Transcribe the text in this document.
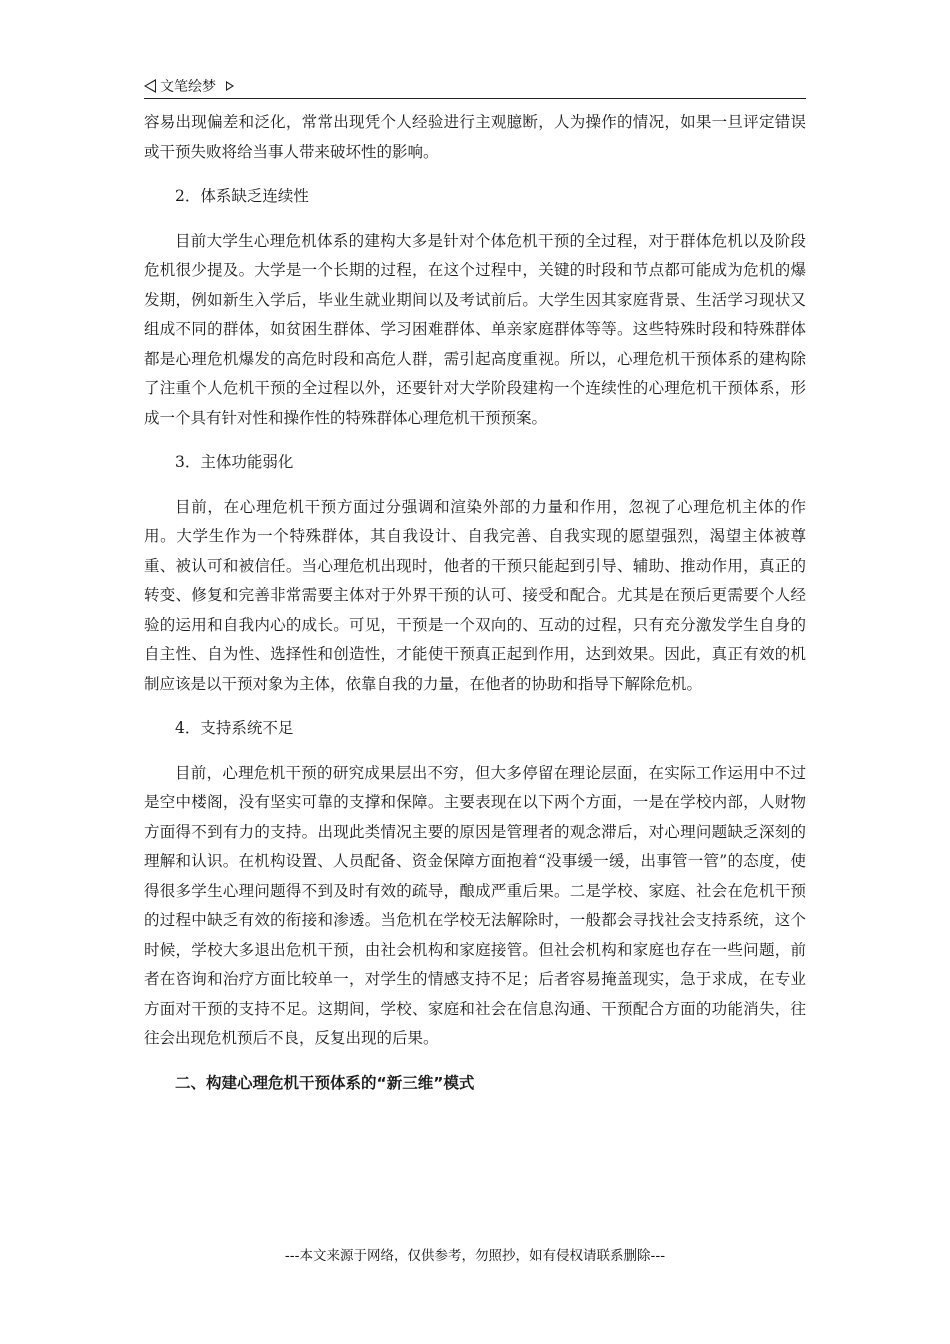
文笔绘梦

容易出现偏差和泛化，常常出现凭个人经验进行主观臆断，人为操作的情况，如果一旦评定错误或干预失败将给当事人带来破坏性的影响。

2．体系缺乏连续性

目前大学生心理危机体系的建构大多是针对个体危机干预的全过程，对于群体危机以及阶段危机很少提及。大学是一个长期的过程，在这个过程中，关键的时段和节点都可能成为危机的爆发期，例如新生入学后，毕业生就业期间以及考试前后。大学生因其家庭背景、生活学习现状又组成不同的群体，如贫困生群体、学习困难群体、单亲家庭群体等等。这些特殊时段和特殊群体都是心理危机爆发的高危时段和高危人群，需引起高度重视。所以，心理危机干预体系的建构除了注重个人危机干预的全过程以外，还要针对大学阶段建构一个连续性的心理危机干预体系，形成一个具有针对性和操作性的特殊群体心理危机干预预案。

3．主体功能弱化

目前，在心理危机干预方面过分强调和渲染外部的力量和作用，忽视了心理危机主体的作用。大学生作为一个特殊群体，其自我设计、自我完善、自我实现的愿望强烈，渴望主体被尊重、被认可和被信任。当心理危机出现时，他者的干预只能起到引导、辅助、推动作用，真正的转变、修复和完善非常需要主体对于外界干预的认可、接受和配合。尤其是在预后更需要个人经验的运用和自我内心的成长。可见，干预是一个双向的、互动的过程，只有充分激发学生自身的自主性、自为性、选择性和创造性，才能使干预真正起到作用，达到效果。因此，真正有效的机制应该是以干预对象为主体，依靠自我的力量，在他者的协助和指导下解除危机。

4．支持系统不足

目前，心理危机干预的研究成果层出不穷，但大多停留在理论层面，在实际工作运用中不过是空中楼阁，没有坚实可靠的支撑和保障。主要表现在以下两个方面，一是在学校内部，人财物方面得不到有力的支持。出现此类情况主要的原因是管理者的观念滞后，对心理问题缺乏深刻的理解和认识。在机构设置、人员配备、资金保障方面抱着“没事缓一缓，出事管一管”的态度，使得很多学生心理问题得不到及时有效的疏导，酿成严重后果。二是学校、家庭、社会在危机干预的过程中缺乏有效的衔接和渗透。当危机在学校无法解除时，一般都会寻找社会支持系统，这个时候，学校大多退出危机干预，由社会机构和家庭接管。但社会机构和家庭也存在一些问题，前者在咨询和治疗方面比较单一，对学生的情感支持不足；后者容易掩盖现实，急于求成，在专业方面对干预的支持不足。这期间，学校、家庭和社会在信息沟通、干预配合方面的功能消失，往往会出现危机预后不良，反复出现的后果。

二、构建心理危机干预体系的“新三维”模式

---本文来源于网络，仅供参考，勿照抄，如有侵权请联系删除---
